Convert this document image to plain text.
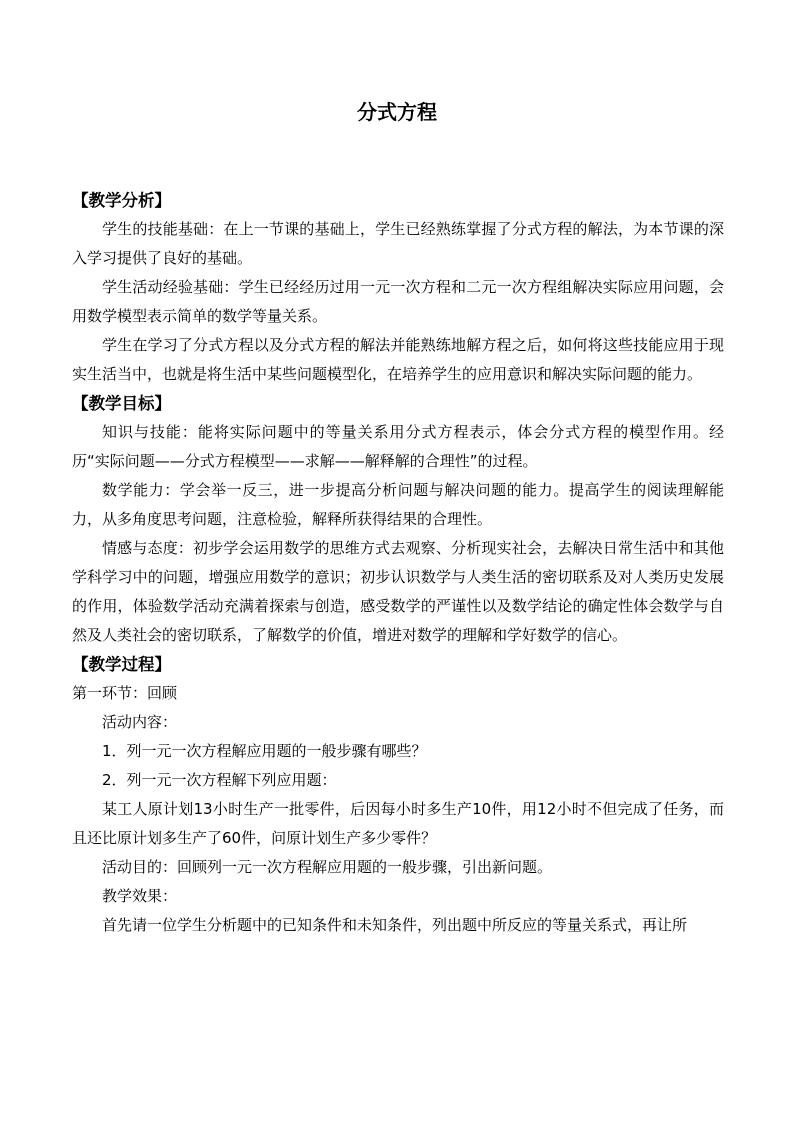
分式方程

【教学分析】

学生的技能基础：在上一节课的基础上，学生已经熟练掌握了分式方程的解法，为本节课的深入学习提供了良好的基础。

学生活动经验基础：学生已经经历过用一元一次方程和二元一次方程组解决实际应用问题，会用数学模型表示简单的数学等量关系。

学生在学习了分式方程以及分式方程的解法并能熟练地解方程之后，如何将这些技能应用于现实生活当中，也就是将生活中某些问题模型化，在培养学生的应用意识和解决实际问题的能力。

【教学目标】

知识与技能：能将实际问题中的等量关系用分式方程表示，体会分式方程的模型作用。经历“实际问题——分式方程模型——求解——解释解的合理性”的过程。

数学能力：学会举一反三，进一步提高分析问题与解决问题的能力。提高学生的阅读理解能力，从多角度思考问题，注意检验，解释所获得结果的合理性。

情感与态度：初步学会运用数学的思维方式去观察、分析现实社会，去解决日常生活中和其他学科学习中的问题，增强应用数学的意识；初步认识数学与人类生活的密切联系及对人类历史发展的作用，体验数学活动充满着探索与创造，感受数学的严谨性以及数学结论的确定性体会数学与自然及人类社会的密切联系，了解数学的价值，增进对数学的理解和学好数学的信心。

【教学过程】

第一环节：回顾

活动内容：

1．列一元一次方程解应用题的一般步骤有哪些？

2．列一元一次方程解下列应用题：

某工人原计划13小时生产一批零件，后因每小时多生产10件，用12小时不但完成了任务，而且还比原计划多生产了60件，问原计划生产多少零件？

活动目的：回顾列一元一次方程解应用题的一般步骤，引出新问题。

教学效果：

首先请一位学生分析题中的已知条件和未知条件，列出题中所反应的等量关系式，再让所
